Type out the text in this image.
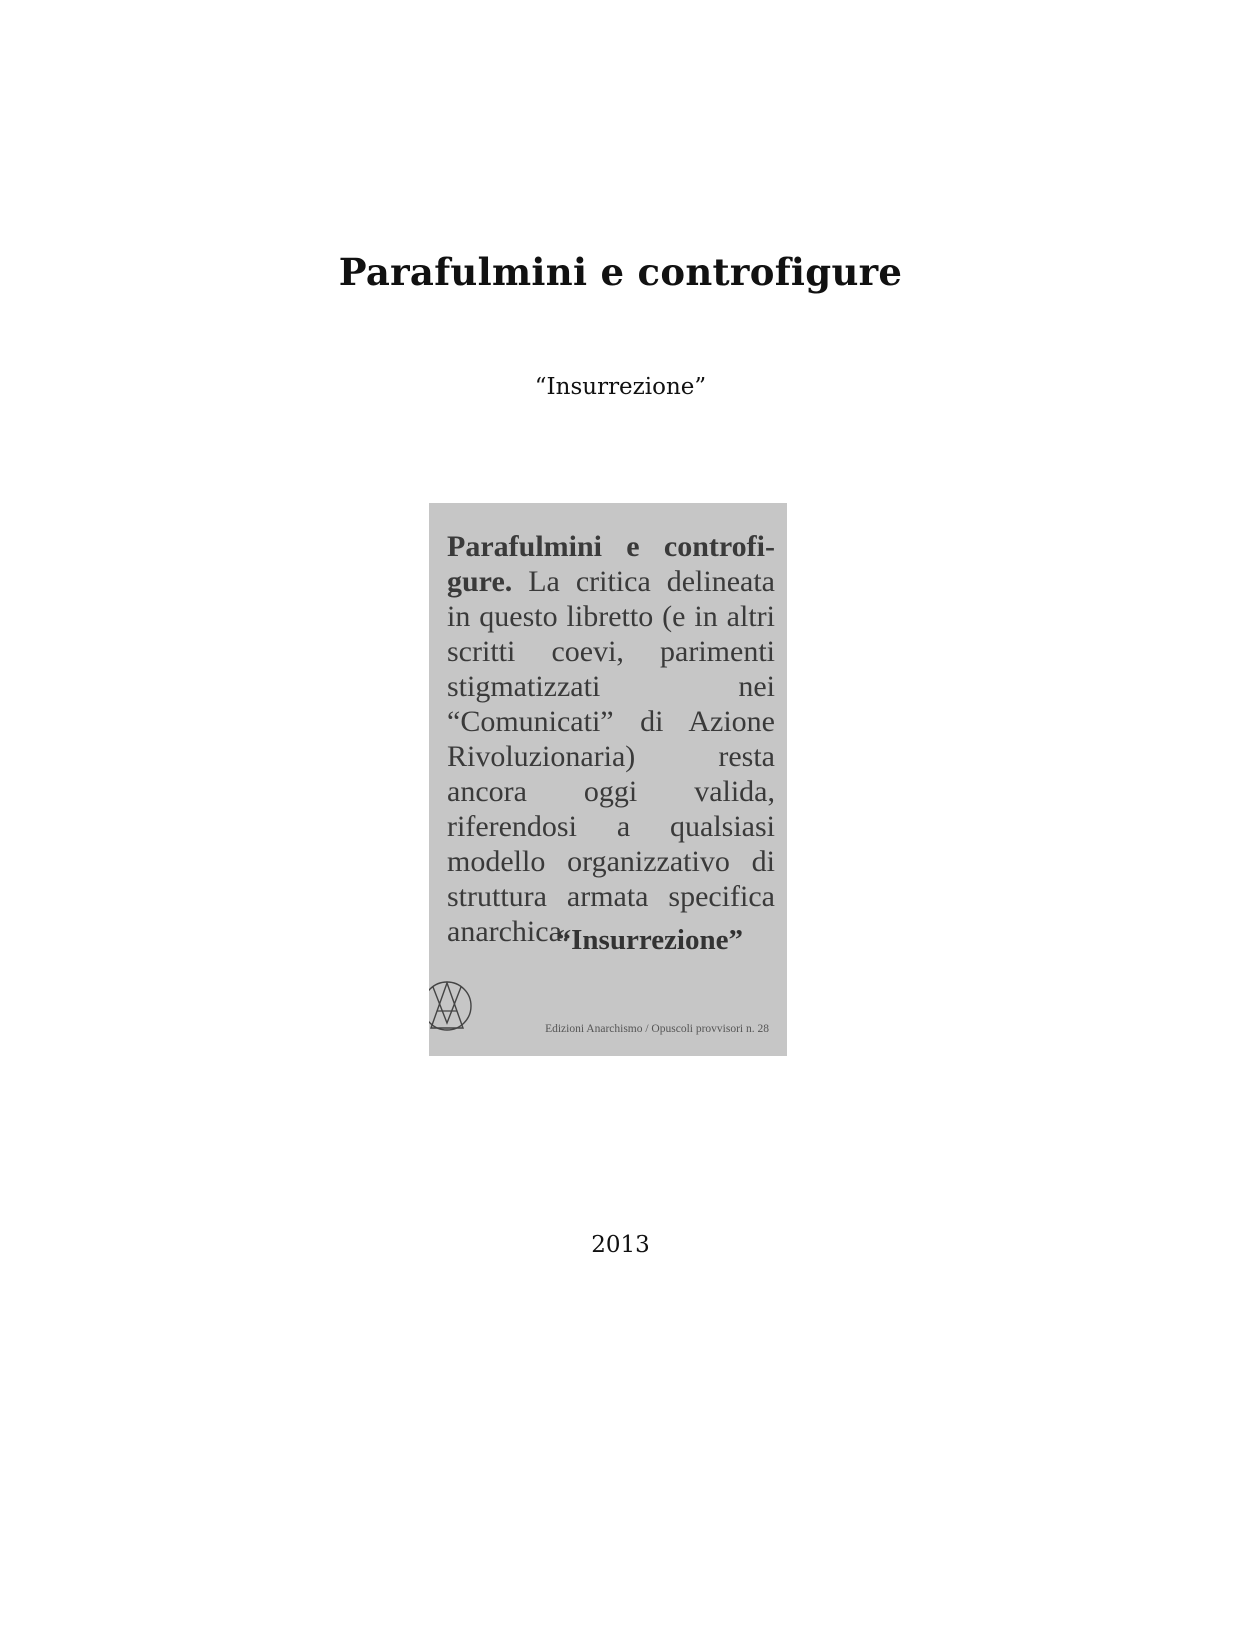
Parafulmini e controfigure
“Insurrezione”
Parafulmini e controfi-gure. La critica delineata in questo libretto (e in altri scritti coevi, parimenti stigmatizzati nei “Comunicati” di Azione Rivoluzionaria) resta ancora oggi valida, riferendosi a qualsiasi modello organizzativo di struttura armata specifica anarchica.
“Insurrezione”
Edizioni Anarchismo / Opuscoli provvisori n. 28
2013
